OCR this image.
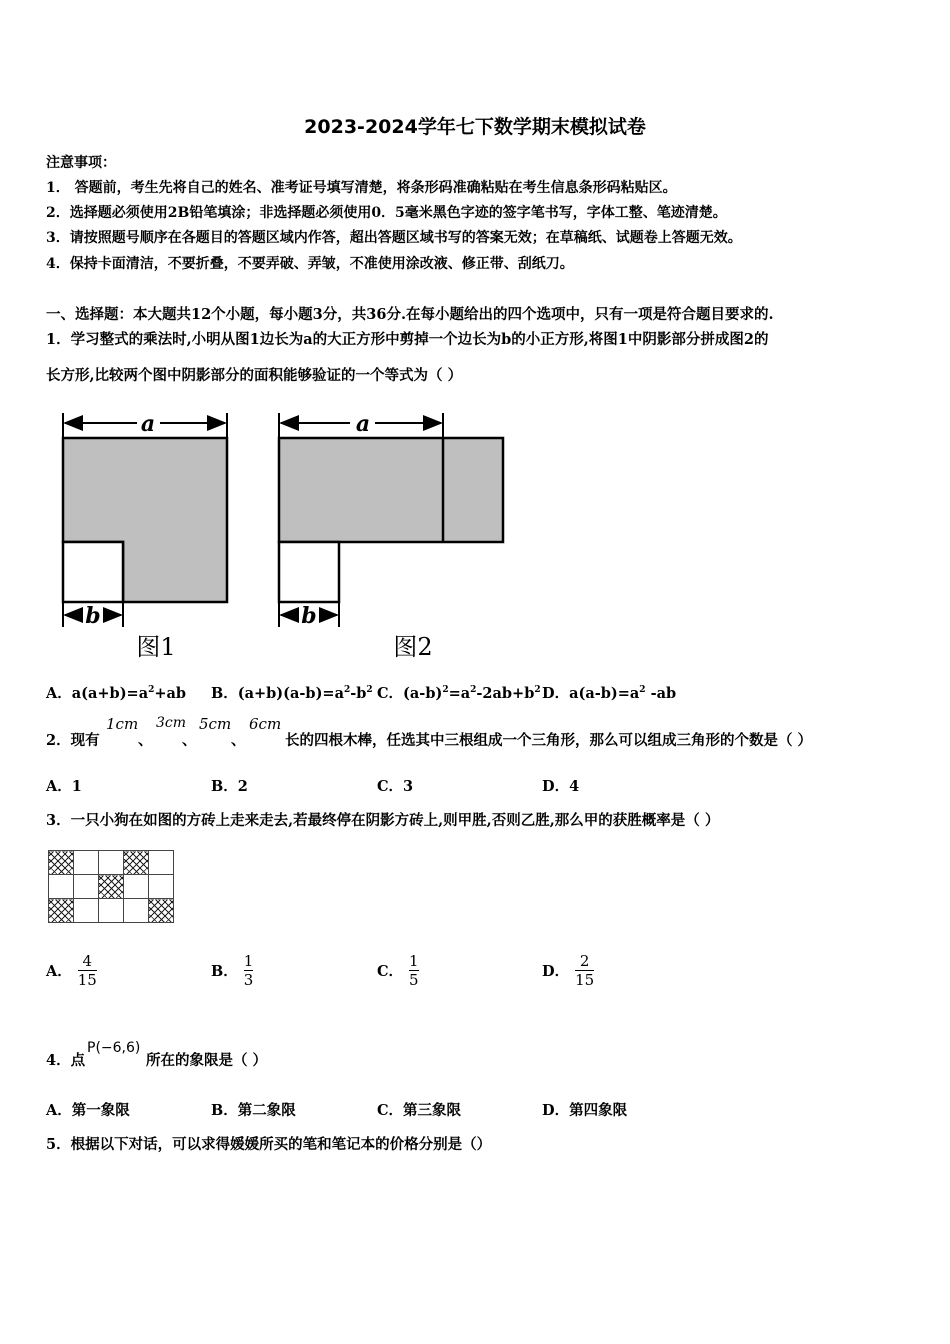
2023-2024学年七下数学期末模拟试卷
注意事项：
1． 答题前，考生先将自己的姓名、准考证号填写清楚，将条形码准确粘贴在考生信息条形码粘贴区。
2．选择题必须使用2B铅笔填涂；非选择题必须使用0．5毫米黑色字迹的签字笔书写，字体工整、笔迹清楚。
3．请按照题号顺序在各题目的答题区域内作答，超出答题区域书写的答案无效；在草稿纸、试题卷上答题无效。
4．保持卡面清洁，不要折叠，不要弄破、弄皱，不准使用涂改液、修正带、刮纸刀。
一、选择题：本大题共12个小题，每小题3分，共36分.在每小题给出的四个选项中，只有一项是符合题目要求的.
1．学习整式的乘法时,小明从图1边长为a的大正方形中剪掉一个边长为b的小正方形,将图1中阴影部分拼成图2的
长方形,比较两个图中阴影部分的面积能够验证的一个等式为（ ）
a
b
图1
a
b
图2
A．$a(a+b)=a^2+ab$ B．$(a+b)(a-b)=a^2-b^2$ C．$(a-b)^2=a^2-2ab+b^2$ D．$a(a-b)=a^2$ -ab
2．现有
1cm
、
3cm
、
5cm
、
6cm
长的四根木棒，任选其中三根组成一个三角形，那么可以组成三角形的个数是（ ）
A．1	B．2	C．3	D．4
3．一只小狗在如图的方砖上走来走去,若最终停在阴影方砖上,则甲胜,否则乙胜,那么甲的获胜概率是（ ）

A． $\frac{4}{15}$	B． $\frac{1}{3}$	C． $\frac{1}{5}$	D． $\frac{2}{15}$
4．点
P(−6,6)
所在的象限是（ ）
A．第一象限	B．第二象限	C．第三象限	D．第四象限
5．根据以下对话，可以求得媛媛所买的笔和笔记本的价格分别是（）
